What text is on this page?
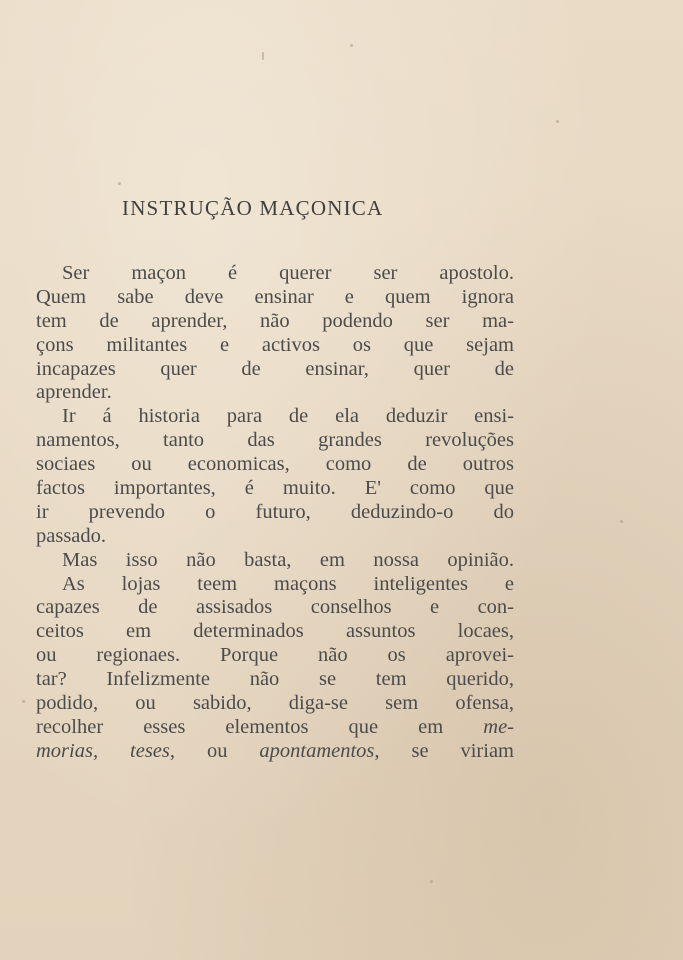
INSTRUÇÃO MAÇONICA
Ser maçon é querer ser apostolo.
Quem sabe deve ensinar e quem ignora
tem de aprender, não podendo ser ma-
çons militantes e activos os que sejam
incapazes quer de ensinar, quer de
aprender.
Ir á historia para de ela deduzir ensi-
namentos, tanto das grandes revoluções
sociaes ou economicas, como de outros
factos importantes, é muito. E' como que
ir prevendo o futuro, deduzindo-o do
passado.
Mas isso não basta, em nossa opinião.
As lojas teem maçons inteligentes e
capazes de assisados conselhos e con-
ceitos em determinados assuntos locaes,
ou regionaes. Porque não os aprovei-
tar? Infelizmente não se tem querido,
podido, ou sabido, diga-se sem ofensa,
recolher esses elementos que em me-
morias, teses, ou apontamentos, se viriam
